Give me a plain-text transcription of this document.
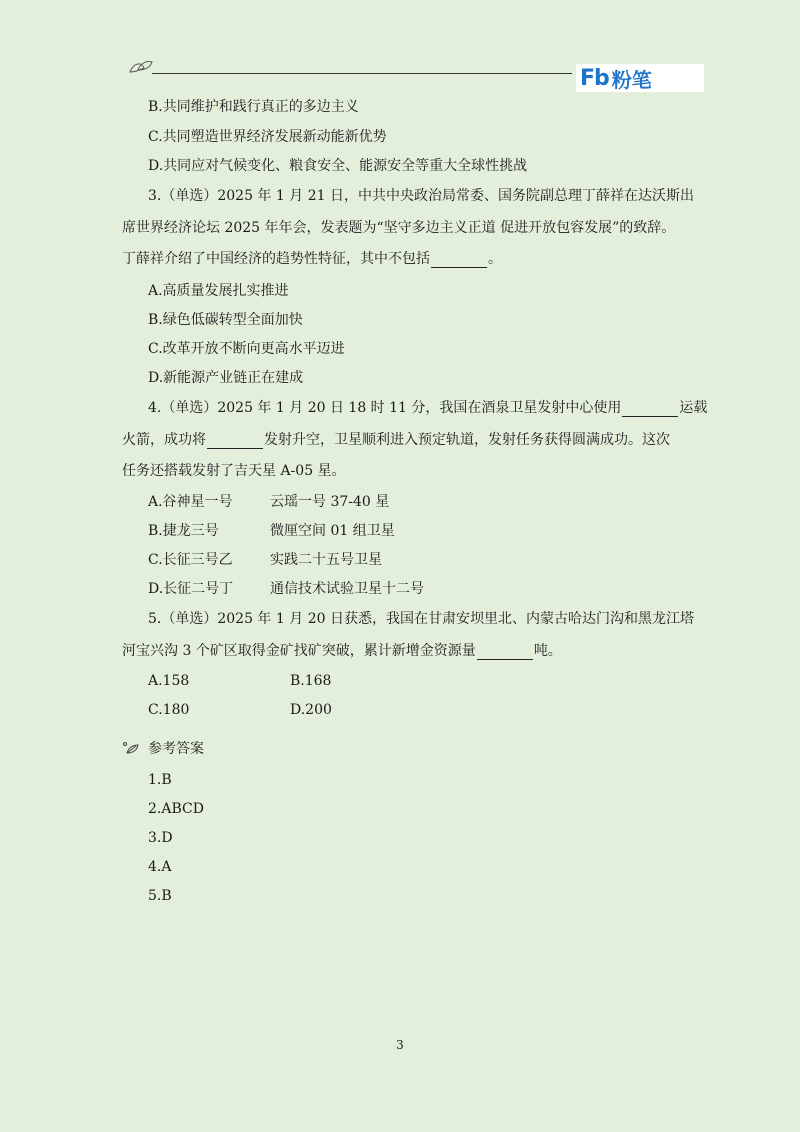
Fb 粉笔
B.共同维护和践行真正的多边主义
C.共同塑造世界经济发展新动能新优势
D.共同应对气候变化、粮食安全、能源安全等重大全球性挑战
3.（单选）2025 年 1 月 21 日，中共中央政治局常委、国务院副总理丁薛祥在达沃斯出
席世界经济论坛 2025 年年会，发表题为“坚守多边主义正道 促进开放包容发展”的致辞。
丁薛祥介绍了中国经济的趋势性特征，其中不包括	。
A.高质量发展扎实推进
B.绿色低碳转型全面加快
C.改革开放不断向更高水平迈进
D.新能源产业链正在建成
4.（单选）2025 年 1 月 20 日 18 时 11 分，我国在酒泉卫星发射中心使用	运载
火箭，成功将	发射升空，卫星顺利进入预定轨道，发射任务获得圆满成功。这次
任务还搭载发射了吉天星 A-05 星。
A.谷神星一号	云瑶一号 37-40 星
B.捷龙三号	微厘空间 01 组卫星
C.长征三号乙	实践二十五号卫星
D.长征二号丁	通信技术试验卫星十二号
5.（单选）2025 年 1 月 20 日获悉，我国在甘肃安坝里北、内蒙古哈达门沟和黑龙江塔
河宝兴沟 3 个矿区取得金矿找矿突破，累计新增金资源量	吨。
A.158	B.168
C.180	D.200
参考答案
1.B
2.ABCD
3.D
4.A
5.B
3
